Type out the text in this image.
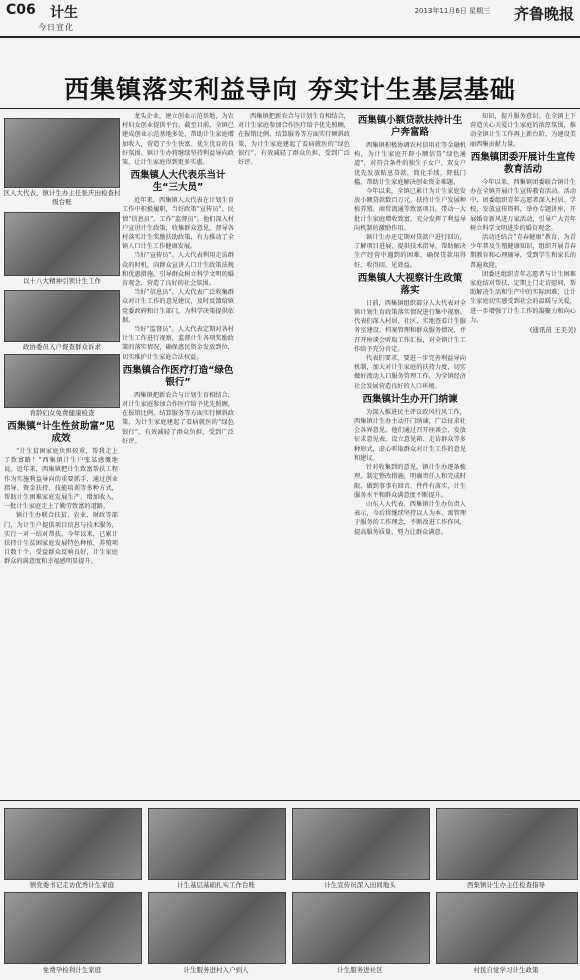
C06 计生
今日宣化
2013年11月6日 星期三 齐鲁晚报
西集镇落实利益导向 夯实计生基层基础
区人大代表、镇计生办主任张庆田检查村级台账
以十八大精神引领计生工作
政协委员入户督查群众诉求
育龄妇女免费健康检查
西集镇“计生性贫助富”见成效

“计生贫困家庭负担较重，帮我走上了致富路！”西集镇计生户张某感慨地说。近年来，西集镇把计生致富帮扶工程作为实施利益导向的重要抓手，通过创业指导、资金扶持、技能培训等多种方式，帮助计生困难家庭发展生产、增加收入，一批计生家庭走上了勤劳致富的道路。

镇计生办联合扶贫、农业、财政等部门，为计生户提供项目信息与技术服务，实行一对一结对帮扶。今年以来，已累计扶持计生贫困家庭发展特色种植、养殖项目数十个，受益群众反响良好，计生家庭群众的满意度和幸福感明显提升。

龙头企业，建立创业示范基地，为农村妇女创业提供平台。截至目前，全镇已建成创业示范基地多处，帮助计生家庭增加收入，营造了少生快富、优生优育的良好氛围。镇计生办将继续坚持利益导向政策，让计生家庭得到更多实惠。

西集镇人大代表乐当计生“三大员”

近年来，西集镇人大代表在计划生育工作中积极履职，当好政策“宣传员”、民情“信息员”、工作“监督员”。他们深入村户宣讲计生政策，收集群众意见，督导各村落实计生奖励扶助政策，有力推动了全镇人口计生工作健康发展。

当好“宣传员”。人大代表利用走访群众的时机，向群众宣讲人口计生政策法规和优惠措施，引导群众树立科学文明的婚育观念，营造了良好的社会氛围。

当好“信息员”。人大代表广泛收集群众对计生工作的意见建议，及时反馈给镇党委政府和计生部门，为科学决策提供依据。

当好“监督员”。人大代表定期对各村计生工作进行视察，监督计生各项奖励政策的落实情况，确保惠民资金发放到位，切实维护计生家庭合法权益。

西集镇合作医疗打造“绿色银行”

西集镇把新农合与计划生育相结合，对计生家庭参加合作医疗给予优先照顾，在报销比例、结算服务等方面实行倾斜政策，为计生家庭建起了看病就医的“绿色银行”，有效减轻了群众负担，受到广泛好评。

西集镇把新农合与计划生育相结合，对计生家庭参加合作医疗给予优先照顾，在报销比例、结算服务等方面实行倾斜政策，为计生家庭建起了看病就医的“绿色银行”，有效减轻了群众负担，受到广泛好评。

西集镇小额贷款扶持计生户奔富路

西集镇积极协调农村信用社等金融机构，为计生家庭开辟小额信贷“绿色通道”，对符合条件的独生子女户、双女户优先发放贴息贷款，简化手续，降低门槛，帮助计生家庭解决创业资金难题。

今年以来，全镇已累计为计生家庭发放小额贷款数百万元，扶持计生户发展种植养殖、商贸流通等致富项目，带动一大批计生家庭增收致富，充分发挥了利益导向机制的激励作用。

镇计生办还定期对贷款户进行回访，了解项目进展，提供技术指导，帮助解决生产经营中遇到的困难，确保贷款用得好、收得回、见效益。

西集镇人大视察计生政策落实

日前，西集镇组织部分人大代表对全镇计划生育政策落实情况进行集中视察。代表们深入村居、社区，实地查看计生服务室建设、档案管理和群众服务情况，并召开座谈会听取工作汇报，对全镇计生工作给予充分肯定。

代表们要求，要进一步完善利益导向机制，加大对计生家庭的扶持力度，切实做好流动人口服务管理工作，为全镇经济社会发展营造良好的人口环境。

西集镇计生办开门纳谏

为深入推进民主评议政风行风工作，西集镇计生办主动开门纳谏，广泛征求社会各界意见。他们通过召开座谈会、发放征求意见表、设立意见箱、走访群众等多种形式，虚心听取群众对计生工作的意见和建议。

针对收集到的意见，镇计生办逐条梳理，制定整改措施，明确责任人和完成时限，做到事事有回音、件件有落实，计生服务水平和群众满意度不断提升。

山东人大代表、西集镇计生办负责人表示，今后将继续坚持以人为本、寓管理于服务的工作理念，不断改进工作作风，提高服务质量，努力让群众满意。

知识，提升服务意识。在全镇上下营造关心关爱计生家庭的浓厚氛围，推动全镇计生工作再上新台阶，为建设美丽西集贡献力量。

西集镇团委开展计生宣传教育活动

今年以来，西集镇团委联合镇计生办在全镇开展计生宣传教育活动。活动中，团委组织青年志愿者深入村居、学校，发放宣传资料，举办专题讲座，开展婚育新风进万家活动，引导广大青年树立科学文明进步的婚育观念。

活动还结合“青春健康”教育，为青少年普及生殖健康知识，组织开展青春期教育和心理辅导，受到学生和家长的普遍欢迎。

团委还组织青年志愿者与计生困难家庭结对帮扶，定期上门走访慰问，帮助解决生活和生产中的实际困难，让计生家庭切实感受到社会的温暖与关爱，进一步增强了计生工作的凝聚力和向心力。

(通讯员 王美美)
镇党委书记走访优秀计生家庭
免费孕检利计生家庭
计生基层基础扎实工作台账
计生服务进村入户到人
计生宣传员深入田间地头
计生服务进社区
西集镇计生办主任检查指导
村民自觉学习计生政策
